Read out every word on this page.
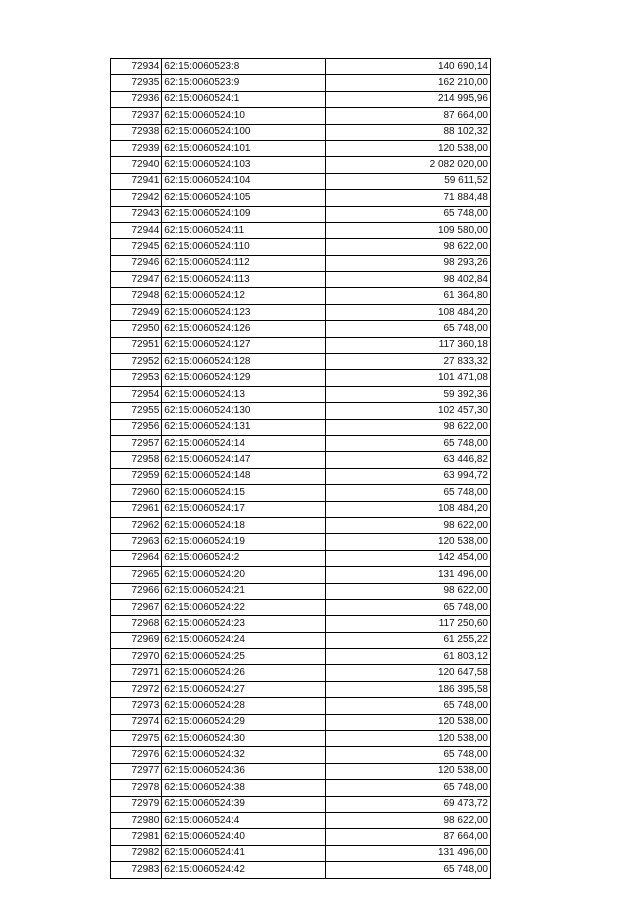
72934	62:15:0060523:8	140 690,14
72935	62:15:0060523:9	162 210,00
72936	62:15:0060524:1	214 995,96
72937	62:15:0060524:10	87 664,00
72938	62:15:0060524:100	88 102,32
72939	62:15:0060524:101	120 538,00
72940	62:15:0060524:103	2 082 020,00
72941	62:15:0060524:104	59 611,52
72942	62:15:0060524:105	71 884,48
72943	62:15:0060524:109	65 748,00
72944	62:15:0060524:11	109 580,00
72945	62:15:0060524:110	98 622,00
72946	62:15:0060524:112	98 293,26
72947	62:15:0060524:113	98 402,84
72948	62:15:0060524:12	61 364,80
72949	62:15:0060524:123	108 484,20
72950	62:15:0060524:126	65 748,00
72951	62:15:0060524:127	117 360,18
72952	62:15:0060524:128	27 833,32
72953	62:15:0060524:129	101 471,08
72954	62:15:0060524:13	59 392,36
72955	62:15:0060524:130	102 457,30
72956	62:15:0060524:131	98 622,00
72957	62:15:0060524:14	65 748,00
72958	62:15:0060524:147	63 446,82
72959	62:15:0060524:148	63 994,72
72960	62:15:0060524:15	65 748,00
72961	62:15:0060524:17	108 484,20
72962	62:15:0060524:18	98 622,00
72963	62:15:0060524:19	120 538,00
72964	62:15:0060524:2	142 454,00
72965	62:15:0060524:20	131 496,00
72966	62:15:0060524:21	98 622,00
72967	62:15:0060524:22	65 748,00
72968	62:15:0060524:23	117 250,60
72969	62:15:0060524:24	61 255,22
72970	62:15:0060524:25	61 803,12
72971	62:15:0060524:26	120 647,58
72972	62:15:0060524:27	186 395,58
72973	62:15:0060524:28	65 748,00
72974	62:15:0060524:29	120 538,00
72975	62:15:0060524:30	120 538,00
72976	62:15:0060524:32	65 748,00
72977	62:15:0060524:36	120 538,00
72978	62:15:0060524:38	65 748,00
72979	62:15:0060524:39	69 473,72
72980	62:15:0060524:4	98 622,00
72981	62:15:0060524:40	87 664,00
72982	62:15:0060524:41	131 496,00
72983	62:15:0060524:42	65 748,00
